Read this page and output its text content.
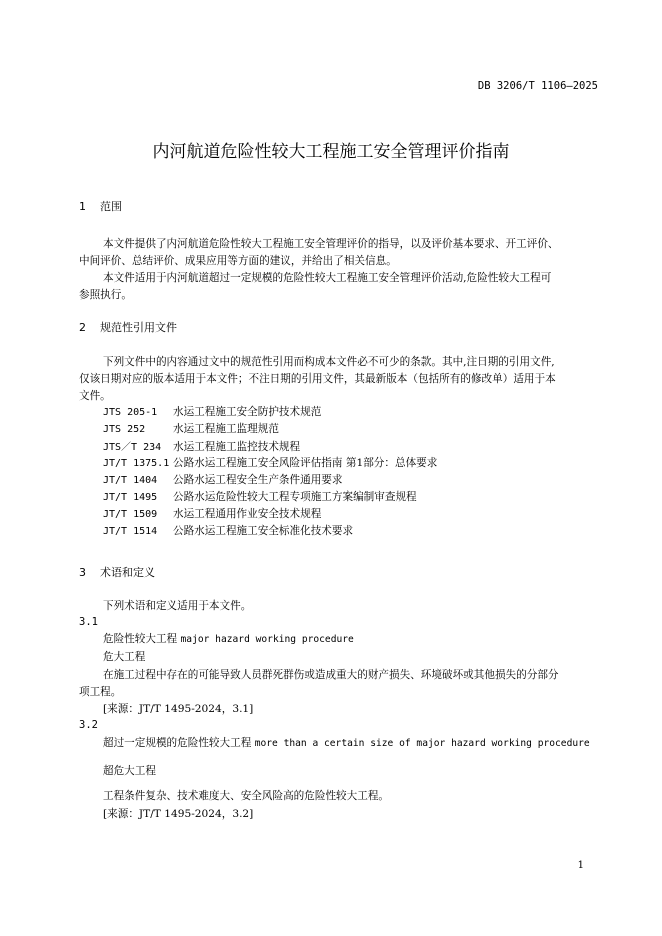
DB 3206/T 1106—2025
内河航道危险性较大工程施工安全管理评价指南
1 范围
本文件提供了内河航道危险性较大工程施工安全管理评价的指导，以及评价基本要求、开工评价、
中间评价、总结评价、成果应用等方面的建议，并给出了相关信息。
本文件适用于内河航道超过一定规模的危险性较大工程施工安全管理评价活动,危险性较大工程可
参照执行。
2 规范性引用文件
下列文件中的内容通过文中的规范性引用而构成本文件必不可少的条款。其中,注日期的引用文件,
仅该日期对应的版本适用于本文件；不注日期的引用文件，其最新版本（包括所有的修改单）适用于本
文件。
JTS 205-1 水运工程施工安全防护技术规范
JTS 252	水运工程施工监理规范
JTS／T 234 水运工程施工监控技术规程
JT/T 1375.1 公路水运工程施工安全风险评估指南 第1部分：总体要求
JT/T 1404 公路水运工程安全生产条件通用要求
JT/T 1495 公路水运危险性较大工程专项施工方案编制审查规程
JT/T 1509 水运工程通用作业安全技术规程
JT/T 1514 公路水运工程施工安全标准化技术要求
3 术语和定义
下列术语和定义适用于本文件。
3.1
危险性较大工程 major hazard working procedure
危大工程
在施工过程中存在的可能导致人员群死群伤或造成重大的财产损失、环境破坏或其他损失的分部分
项工程。
[来源：JT/T 1495-2024，3.1]
3.2
超过一定规模的危险性较大工程 more than a certain size of major hazard working procedure
超危大工程
工程条件复杂、技术难度大、安全风险高的危险性较大工程。
[来源：JT/T 1495-2024，3.2]
1
